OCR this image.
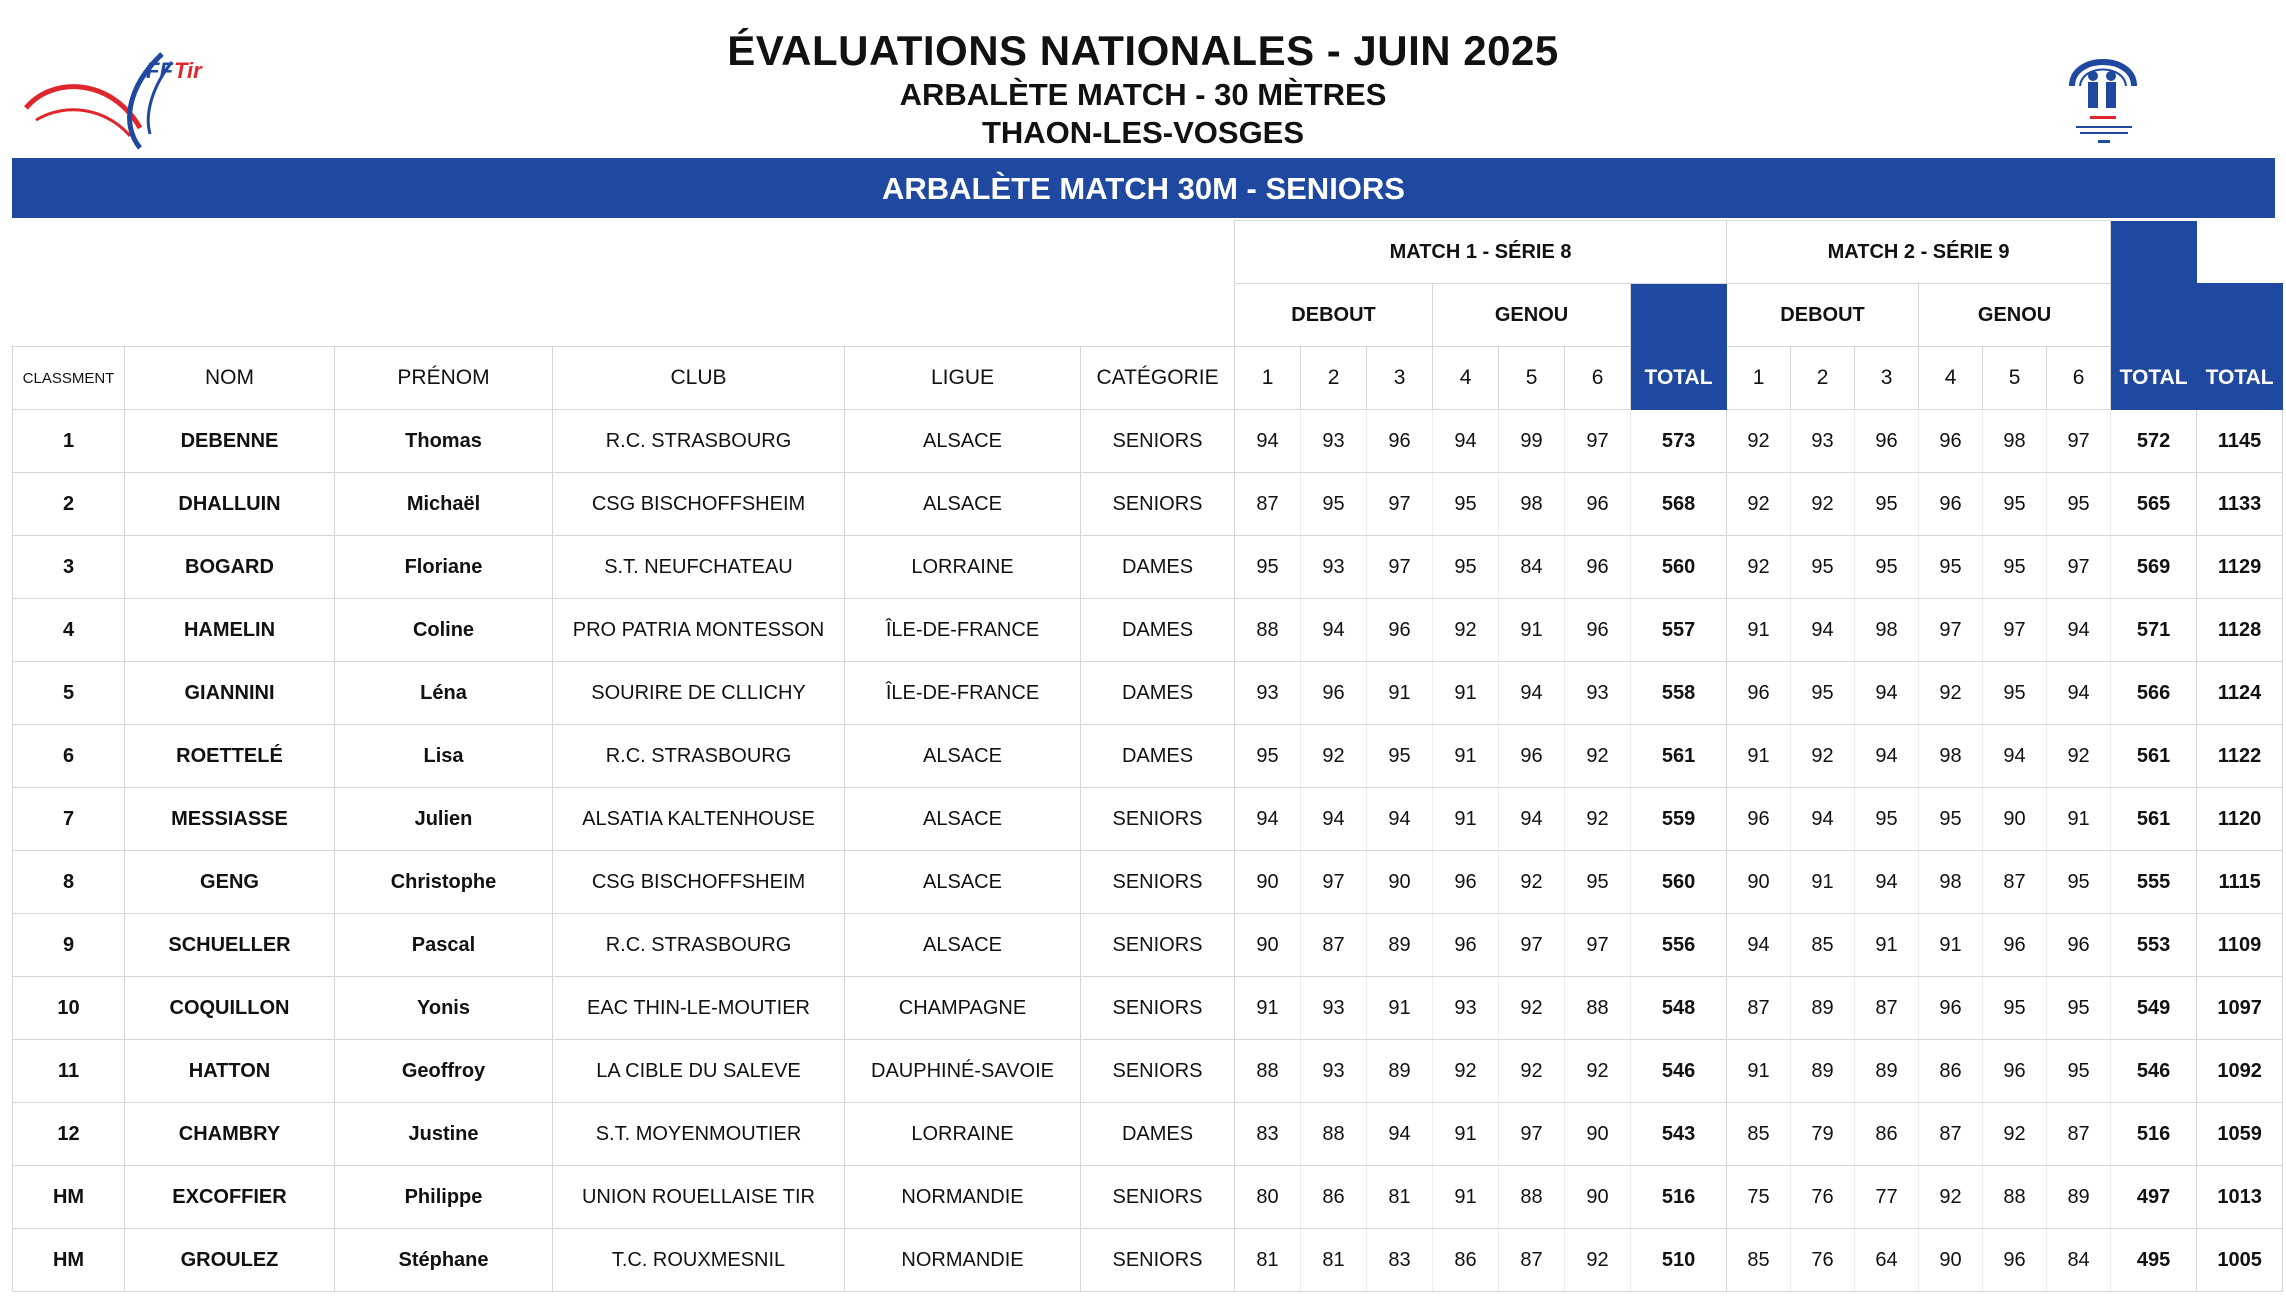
FF Tir	ÉVALUATIONS NATIONALES - JUIN 2025
ARBALÈTE MATCH - 30 MÈTRES
THAON-LES-VOSGES
ARBALÈTE MATCH 30M - SENIORS
						MATCH 1 - SÉRIE 8							MATCH 2 - SÉRIE 9							
						DEBOUT			GENOU				DEBOUT			GENOU				
CLASSMENT	NOM	PRÉNOM	CLUB	LIGUE	CATÉGORIE	1	2	3	4	5	6	TOTAL	1	2	3	4	5	6	TOTAL	TOTAL
1	DEBENNE	Thomas	R.C. STRASBOURG	ALSACE	SENIORS	94	93	96	94	99	97	573	92	93	96	96	98	97	572	1145
2	DHALLUIN	Michaël	CSG BISCHOFFSHEIM	ALSACE	SENIORS	87	95	97	95	98	96	568	92	92	95	96	95	95	565	1133
3	BOGARD	Floriane	S.T. NEUFCHATEAU	LORRAINE	DAMES	95	93	97	95	84	96	560	92	95	95	95	95	97	569	1129
4	HAMELIN	Coline	PRO PATRIA MONTESSON	ÎLE-DE-FRANCE	DAMES	88	94	96	92	91	96	557	91	94	98	97	97	94	571	1128
5	GIANNINI	Léna	SOURIRE DE CLLICHY	ÎLE-DE-FRANCE	DAMES	93	96	91	91	94	93	558	96	95	94	92	95	94	566	1124
6	ROETTELÉ	Lisa	R.C. STRASBOURG	ALSACE	DAMES	95	92	95	91	96	92	561	91	92	94	98	94	92	561	1122
7	MESSIASSE	Julien	ALSATIA KALTENHOUSE	ALSACE	SENIORS	94	94	94	91	94	92	559	96	94	95	95	90	91	561	1120
8	GENG	Christophe	CSG BISCHOFFSHEIM	ALSACE	SENIORS	90	97	90	96	92	95	560	90	91	94	98	87	95	555	1115
9	SCHUELLER	Pascal	R.C. STRASBOURG	ALSACE	SENIORS	90	87	89	96	97	97	556	94	85	91	91	96	96	553	1109
10	COQUILLON	Yonis	EAC THIN-LE-MOUTIER	CHAMPAGNE	SENIORS	91	93	91	93	92	88	548	87	89	87	96	95	95	549	1097
11	HATTON	Geoffroy	LA CIBLE DU SALEVE	DAUPHINÉ-SAVOIE	SENIORS	88	93	89	92	92	92	546	91	89	89	86	96	95	546	1092
12	CHAMBRY	Justine	S.T. MOYENMOUTIER	LORRAINE	DAMES	83	88	94	91	97	90	543	85	79	86	87	92	87	516	1059
HM	EXCOFFIER	Philippe	UNION ROUELLAISE TIR	NORMANDIE	SENIORS	80	86	81	91	88	90	516	75	76	77	92	88	89	497	1013
HM	GROULEZ	Stéphane	T.C. ROUXMESNIL	NORMANDIE	SENIORS	81	81	83	86	87	92	510	85	76	64	90	96	84	495	1005
